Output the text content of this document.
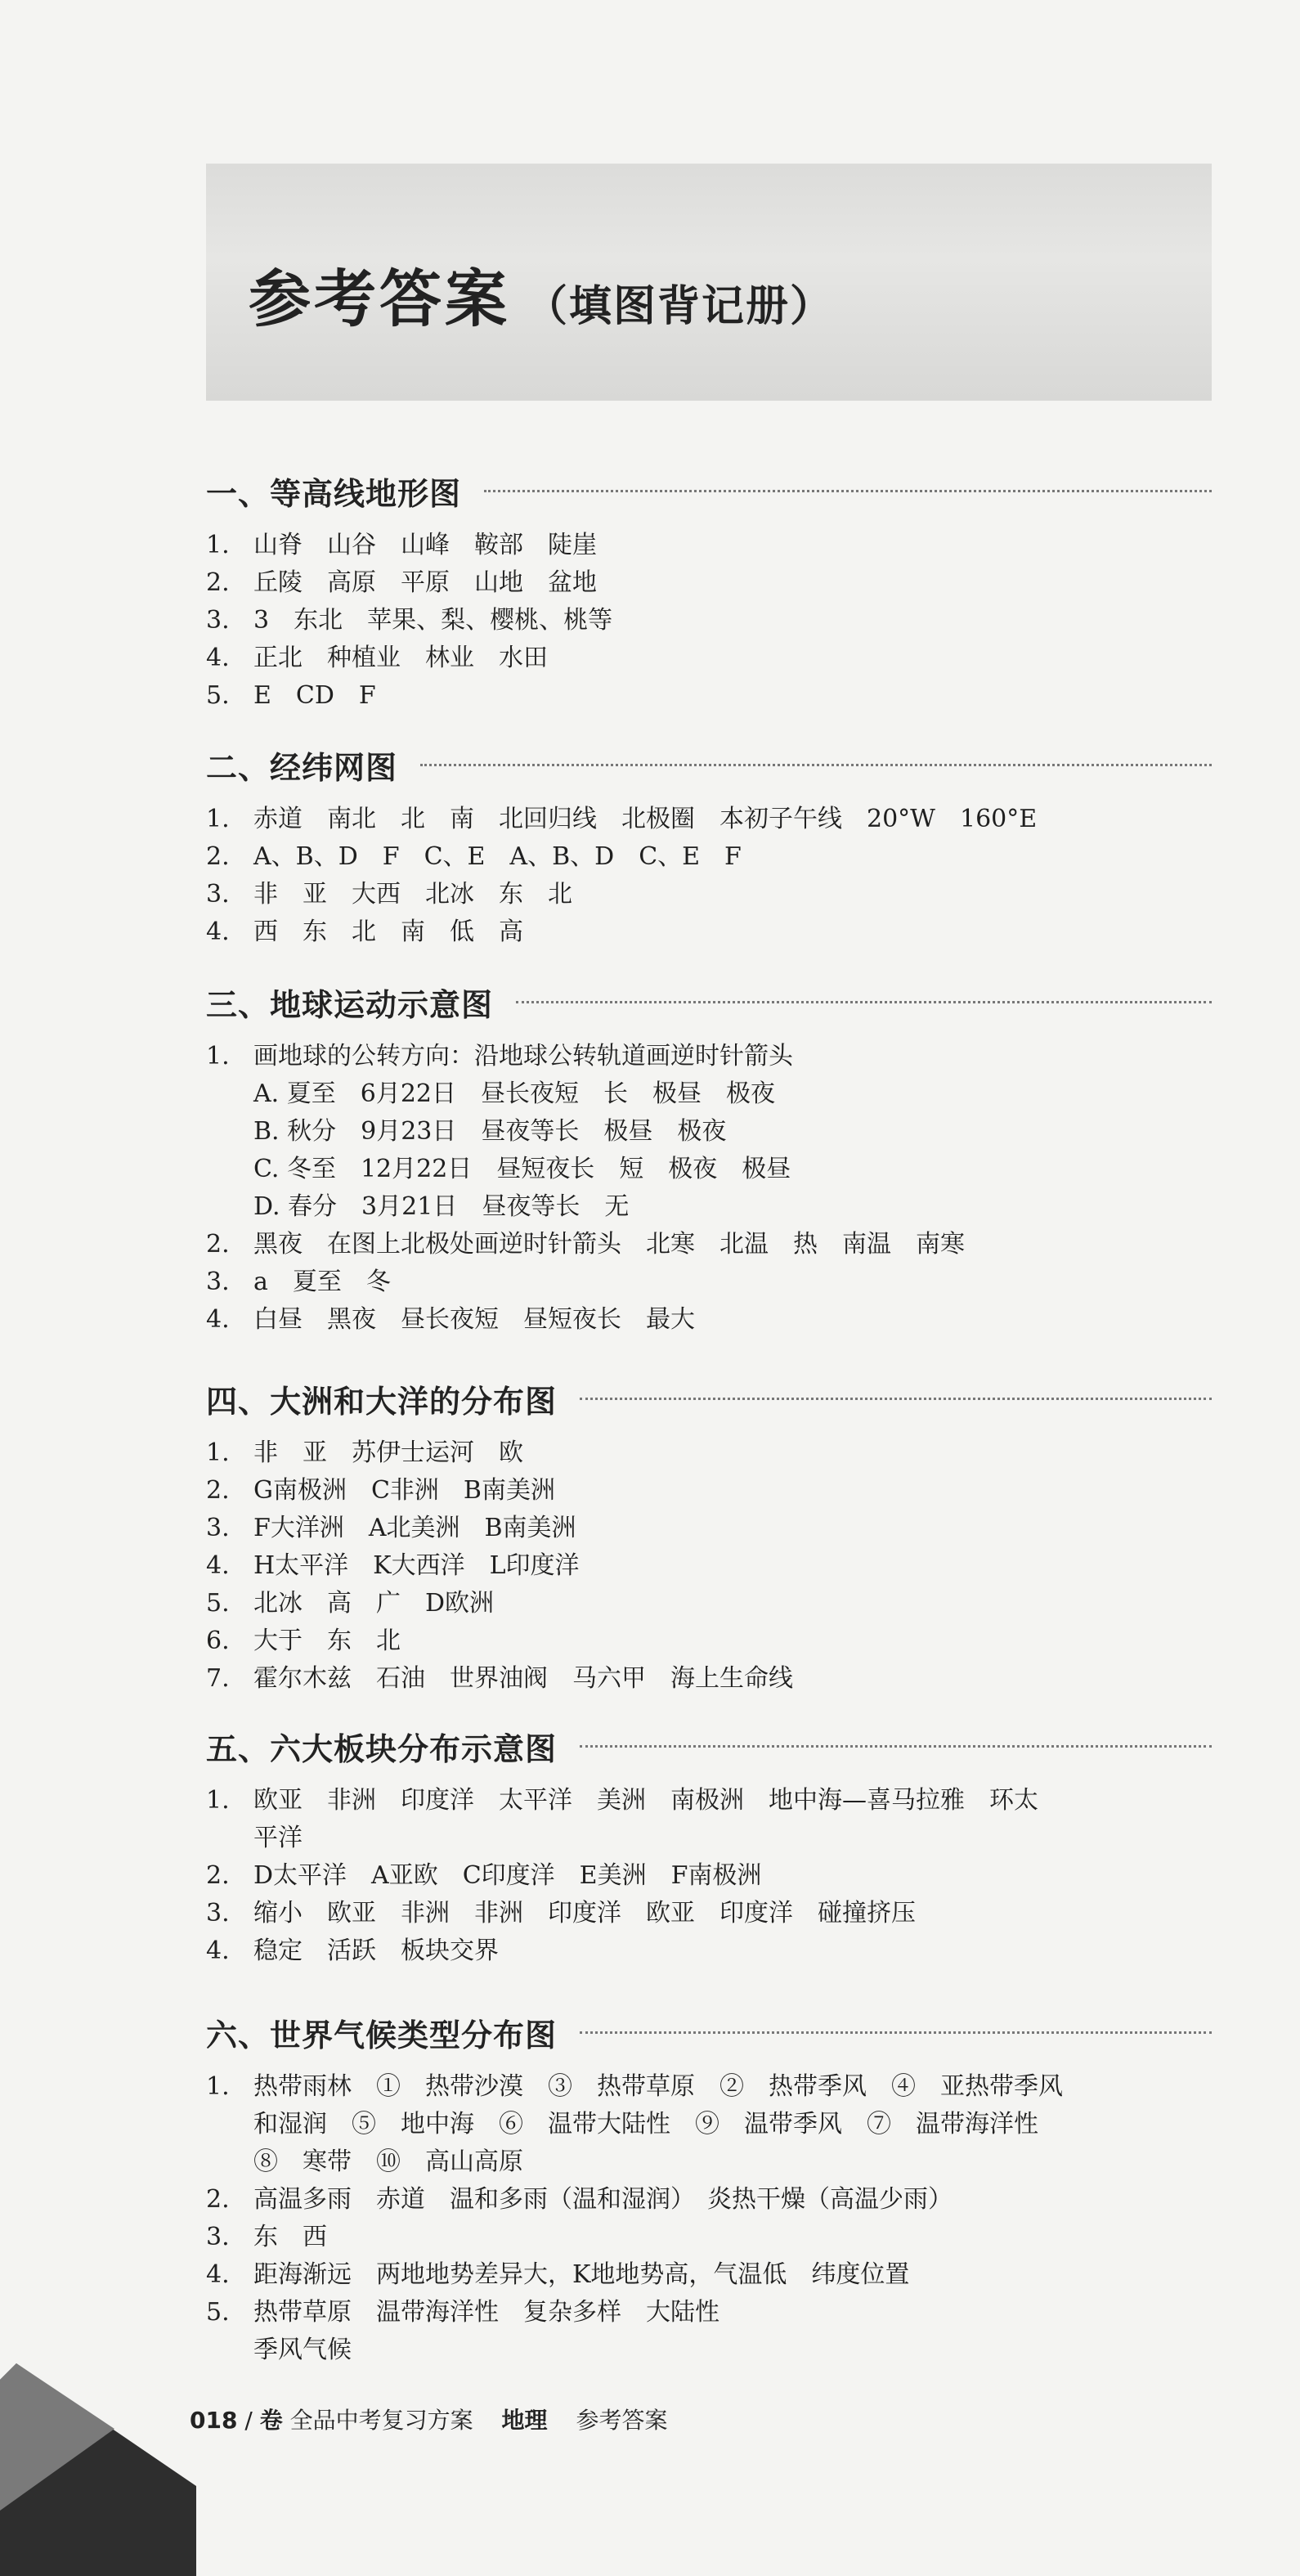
参考答案 （填图背记册）
一、等高线地形图
1. 山脊　山谷　山峰　鞍部　陡崖
2. 丘陵　高原　平原　山地　盆地
3. 3　东北　苹果、梨、樱桃、桃等
4. 正北　种植业　林业　水田
5. E　CD　F
二、经纬网图
1. 赤道　南北　北　南　北回归线　北极圈　本初子午线　20°W　160°E
2. A、B、D　F　C、E　A、B、D　C、E　F
3. 非　亚　大西　北冰　东　北
4. 西　东　北　南　低　高
三、地球运动示意图
1. 画地球的公转方向：沿地球公转轨道画逆时针箭头
A. 夏至　6月22日　昼长夜短　长　极昼　极夜
B. 秋分　9月23日　昼夜等长　极昼　极夜
C. 冬至　12月22日　昼短夜长　短　极夜　极昼
D. 春分　3月21日　昼夜等长　无
2. 黑夜　在图上北极处画逆时针箭头　北寒　北温　热　南温　南寒
3. a　夏至　冬
4. 白昼　黑夜　昼长夜短　昼短夜长　最大
四、大洲和大洋的分布图
1. 非　亚　苏伊士运河　欧
2. G南极洲　C非洲　B南美洲
3. F大洋洲　A北美洲　B南美洲
4. H太平洋　K大西洋　L印度洋
5. 北冰　高　广　D欧洲
6. 大于　东　北
7. 霍尔木兹　石油　世界油阀　马六甲　海上生命线
五、六大板块分布示意图
1. 欧亚　非洲　印度洋　太平洋　美洲　南极洲　地中海—喜马拉雅　环太
平洋
2. D太平洋　A亚欧　C印度洋　E美洲　F南极洲
3. 缩小　欧亚　非洲　非洲　印度洋　欧亚　印度洋　碰撞挤压
4. 稳定　活跃　板块交界
六、世界气候类型分布图
1. 热带雨林　①　热带沙漠　③　热带草原　②　热带季风　④　亚热带季风
和湿润　⑤　地中海　⑥　温带大陆性　⑨　温带季风　⑦　温带海洋性
⑧　寒带　⑩　高山高原
2. 高温多雨　赤道　温和多雨（温和湿润）　炎热干燥（高温少雨）
3. 东　西
4. 距海渐远　两地地势差异大，K地地势高，气温低　纬度位置
5. 热带草原　温带海洋性　复杂多样　大陆性
季风气候
018 / 卷 全品中考复习方案 地理 参考答案
